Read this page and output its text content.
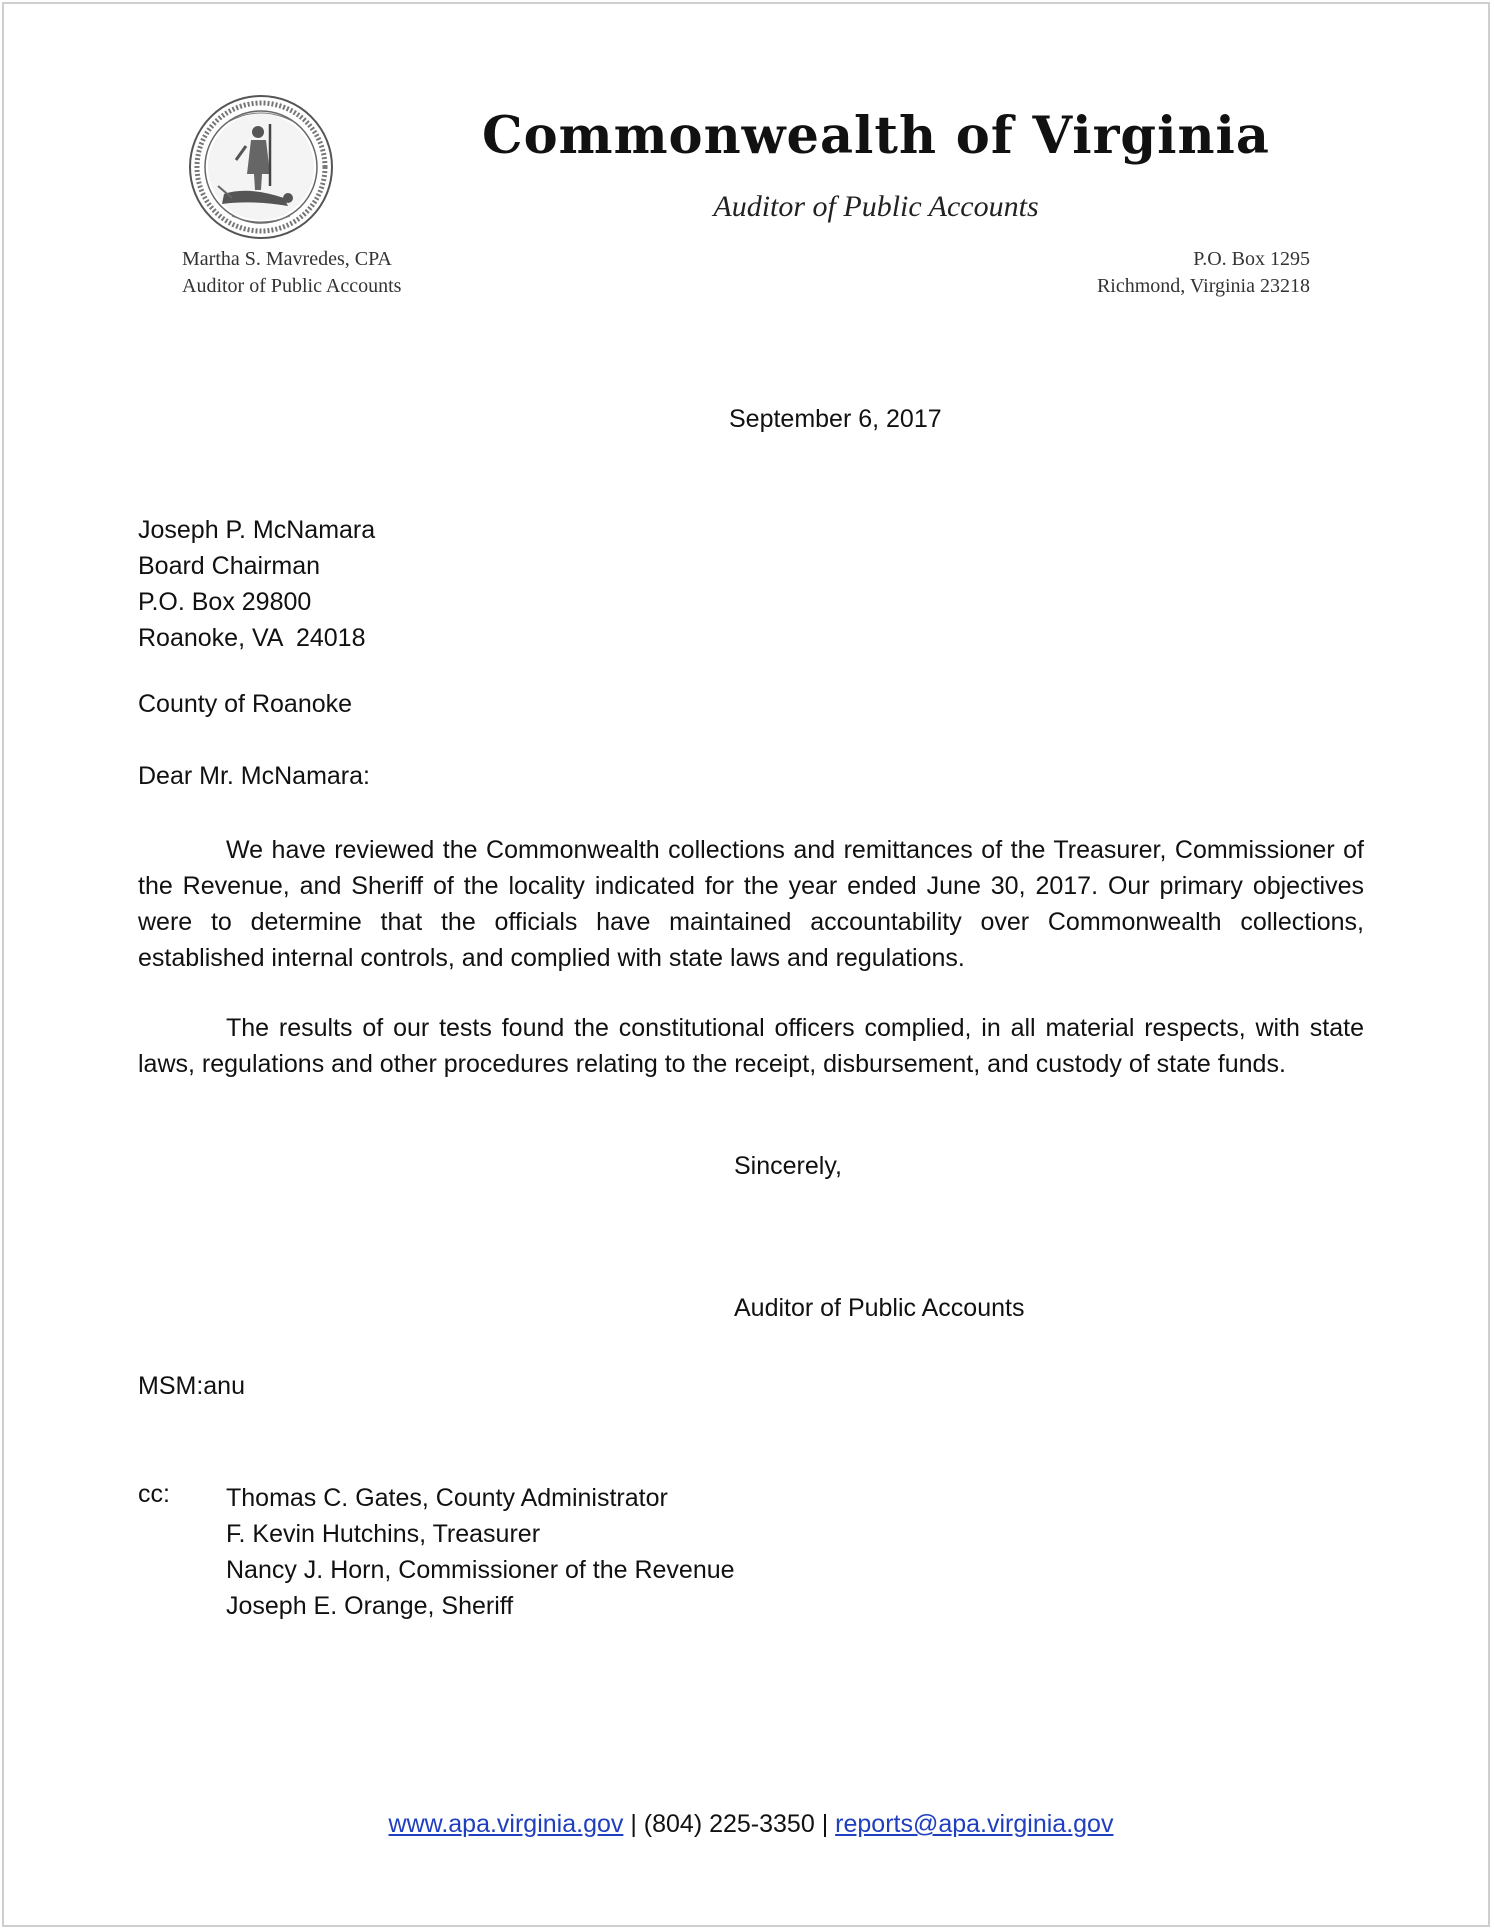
Commonwealth of Virginia
Auditor of Public Accounts
Martha S. Mavredes, CPA
Auditor of Public Accounts
P.O. Box 1295
Richmond, Virginia 23218
September 6, 2017
Joseph P. McNamara
Board Chairman
P.O. Box 29800
Roanoke, VA  24018
County of Roanoke
Dear Mr. McNamara:
We have reviewed the Commonwealth collections and remittances of the Treasurer, Commissioner of the Revenue, and Sheriff of the locality indicated for the year ended June 30, 2017. Our primary objectives were to determine that the officials have maintained accountability over Commonwealth collections, established internal controls, and complied with state laws and regulations.
The results of our tests found the constitutional officers complied, in all material respects, with state laws, regulations and other procedures relating to the receipt, disbursement, and custody of state funds.
Sincerely,
Auditor of Public Accounts
MSM:anu
cc: Thomas C. Gates, County Administrator
F. Kevin Hutchins, Treasurer
Nancy J. Horn, Commissioner of the Revenue
Joseph E. Orange, Sheriff
www.apa.virginia.gov | (804) 225-3350 | reports@apa.virginia.gov
